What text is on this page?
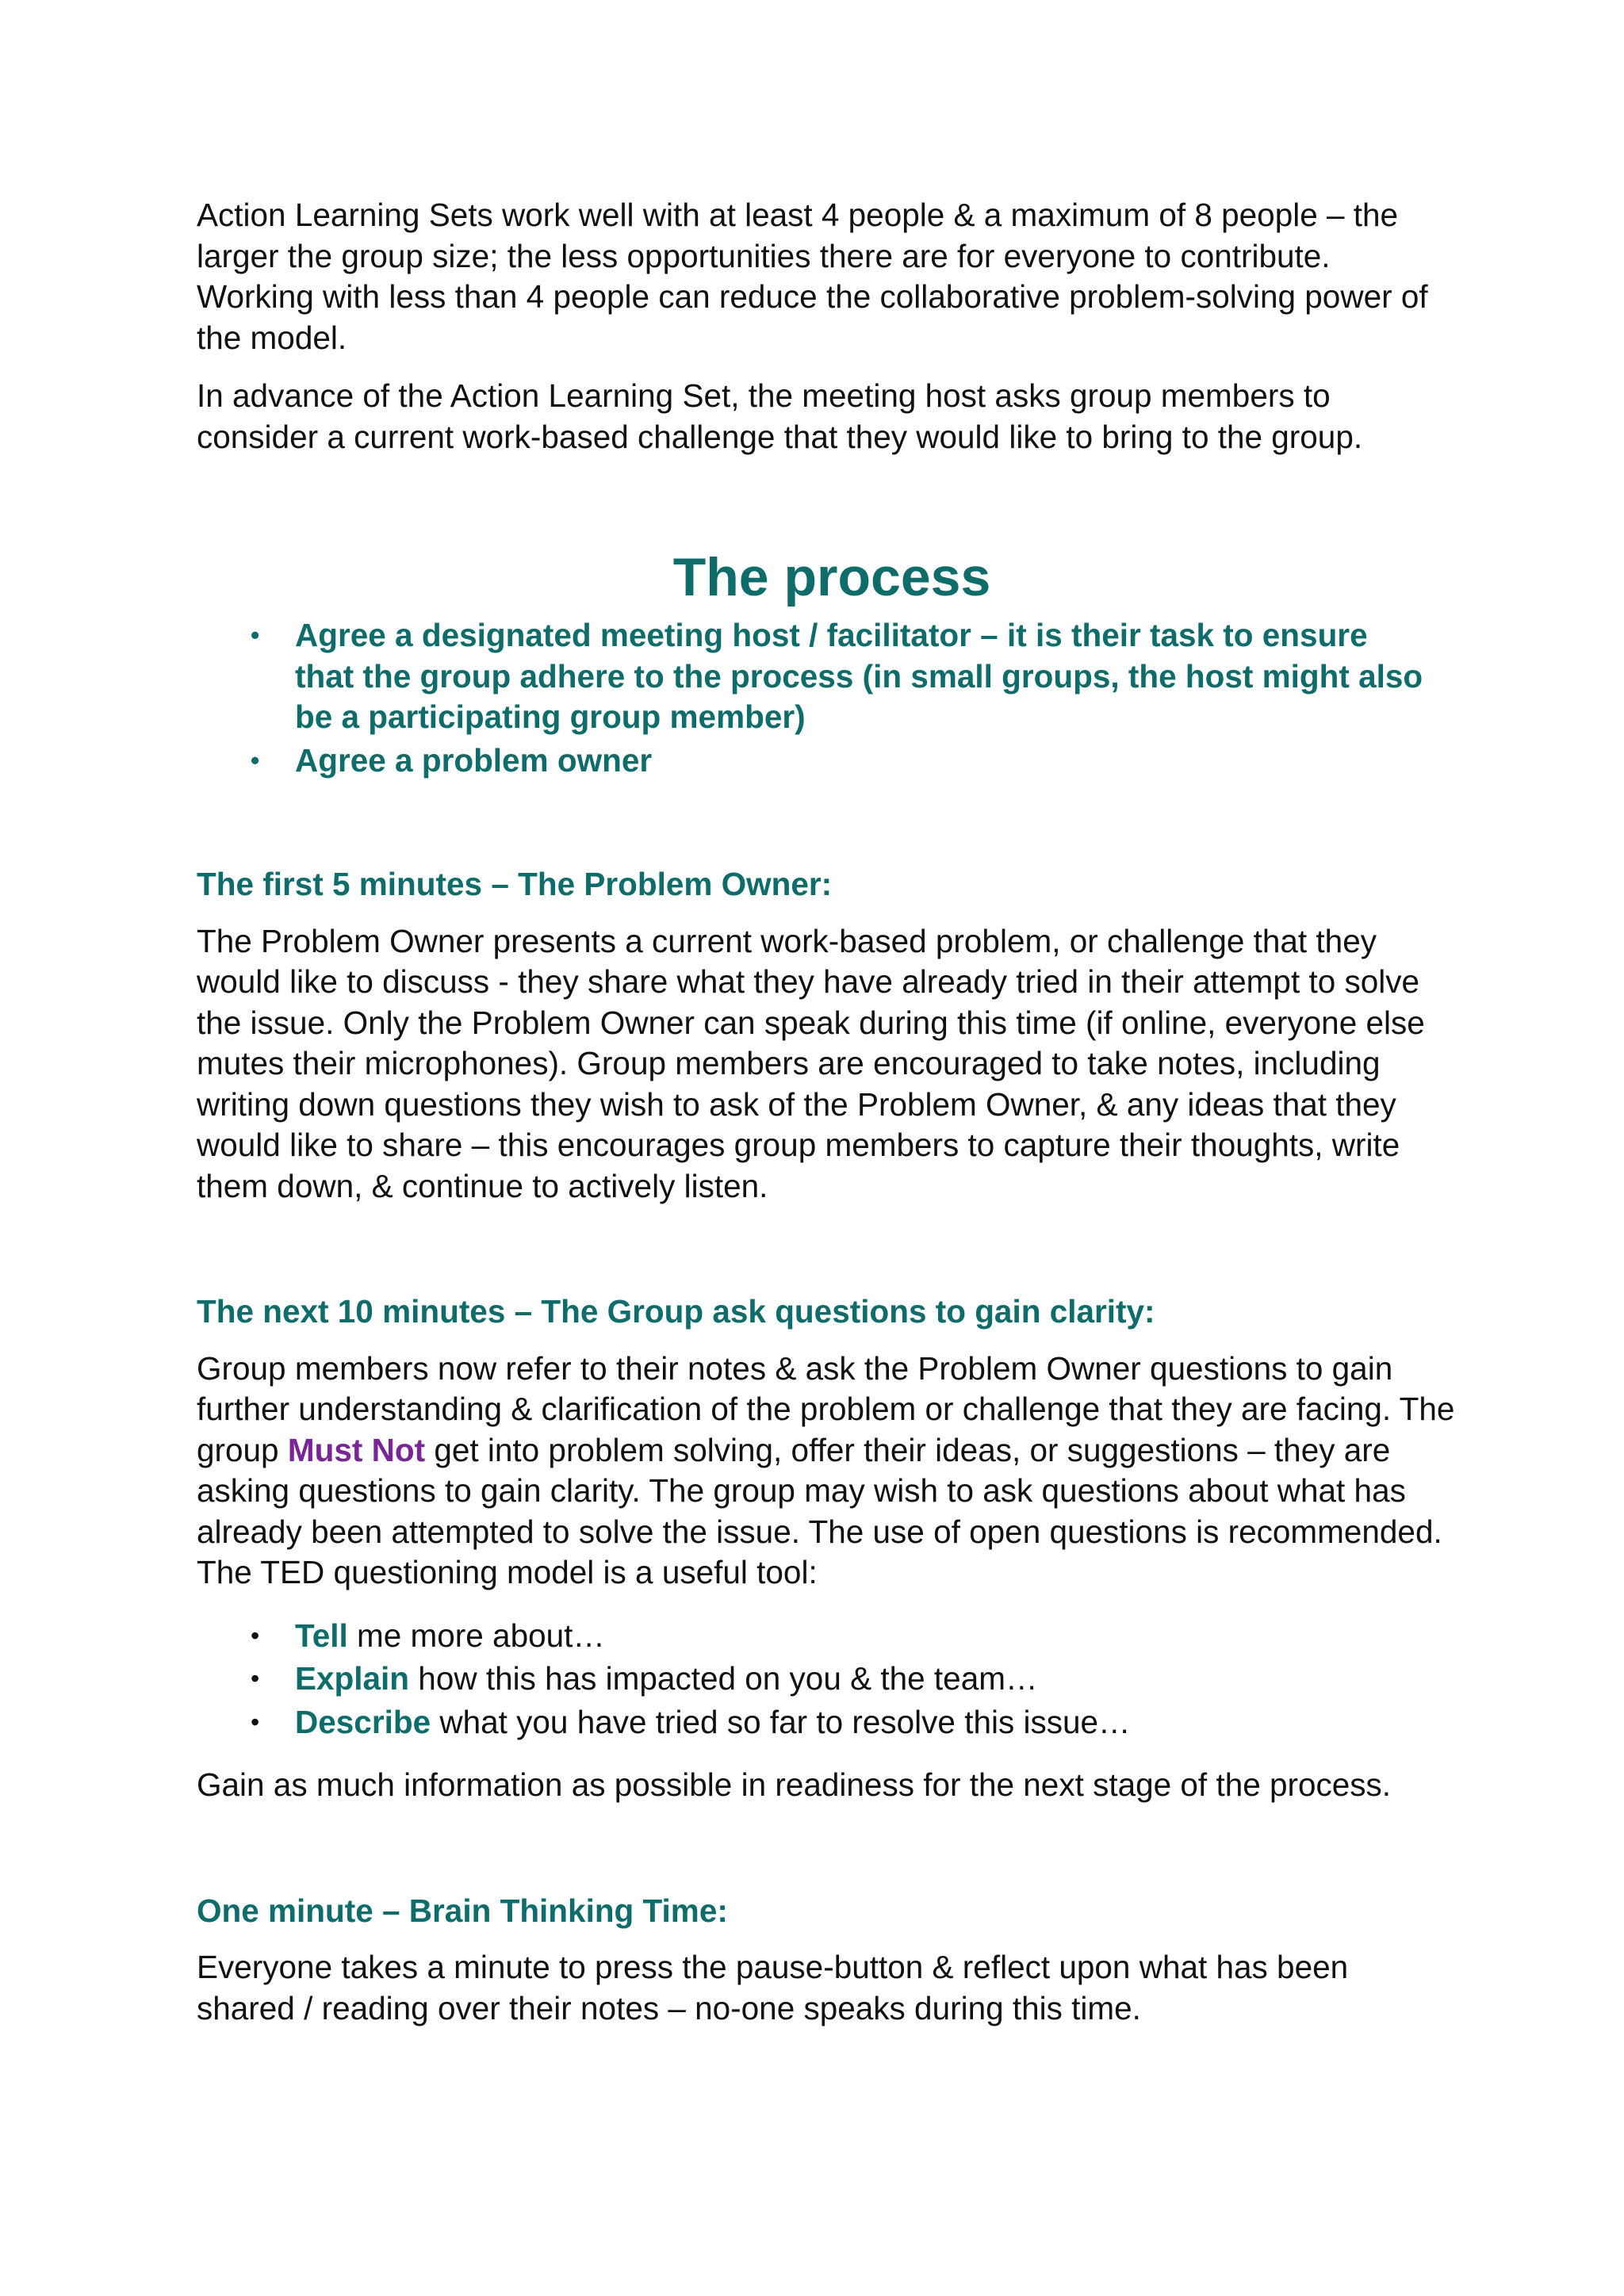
Action Learning Sets work well with at least 4 people & a maximum of 8 people – the larger the group size; the less opportunities there are for everyone to contribute. Working with less than 4 people can reduce the collaborative problem-solving power of the model.

In advance of the Action Learning Set, the meeting host asks group members to consider a current work-based challenge that they would like to bring to the group.

The process
• Agree a designated meeting host / facilitator – it is their task to ensure that the group adhere to the process (in small groups, the host might also be a participating group member)
• Agree a problem owner
The first 5 minutes – The Problem Owner:

The Problem Owner presents a current work-based problem, or challenge that they would like to discuss - they share what they have already tried in their attempt to solve the issue. Only the Problem Owner can speak during this time (if online, everyone else mutes their microphones). Group members are encouraged to take notes, including writing down questions they wish to ask of the Problem Owner, & any ideas that they would like to share – this encourages group members to capture their thoughts, write them down, & continue to actively listen.

The next 10 minutes – The Group ask questions to gain clarity:

Group members now refer to their notes & ask the Problem Owner questions to gain further understanding & clarification of the problem or challenge that they are facing. The group Must Not get into problem solving, offer their ideas, or suggestions – they are asking questions to gain clarity. The group may wish to ask questions about what has already been attempted to solve the issue. The use of open questions is recommended. The TED questioning model is a useful tool:

• Tell me more about…
• Explain how this has impacted on you & the team…
• Describe what you have tried so far to resolve this issue…

Gain as much information as possible in readiness for the next stage of the process.

One minute – Brain Thinking Time:

Everyone takes a minute to press the pause-button & reflect upon what has been shared / reading over their notes – no-one speaks during this time.
